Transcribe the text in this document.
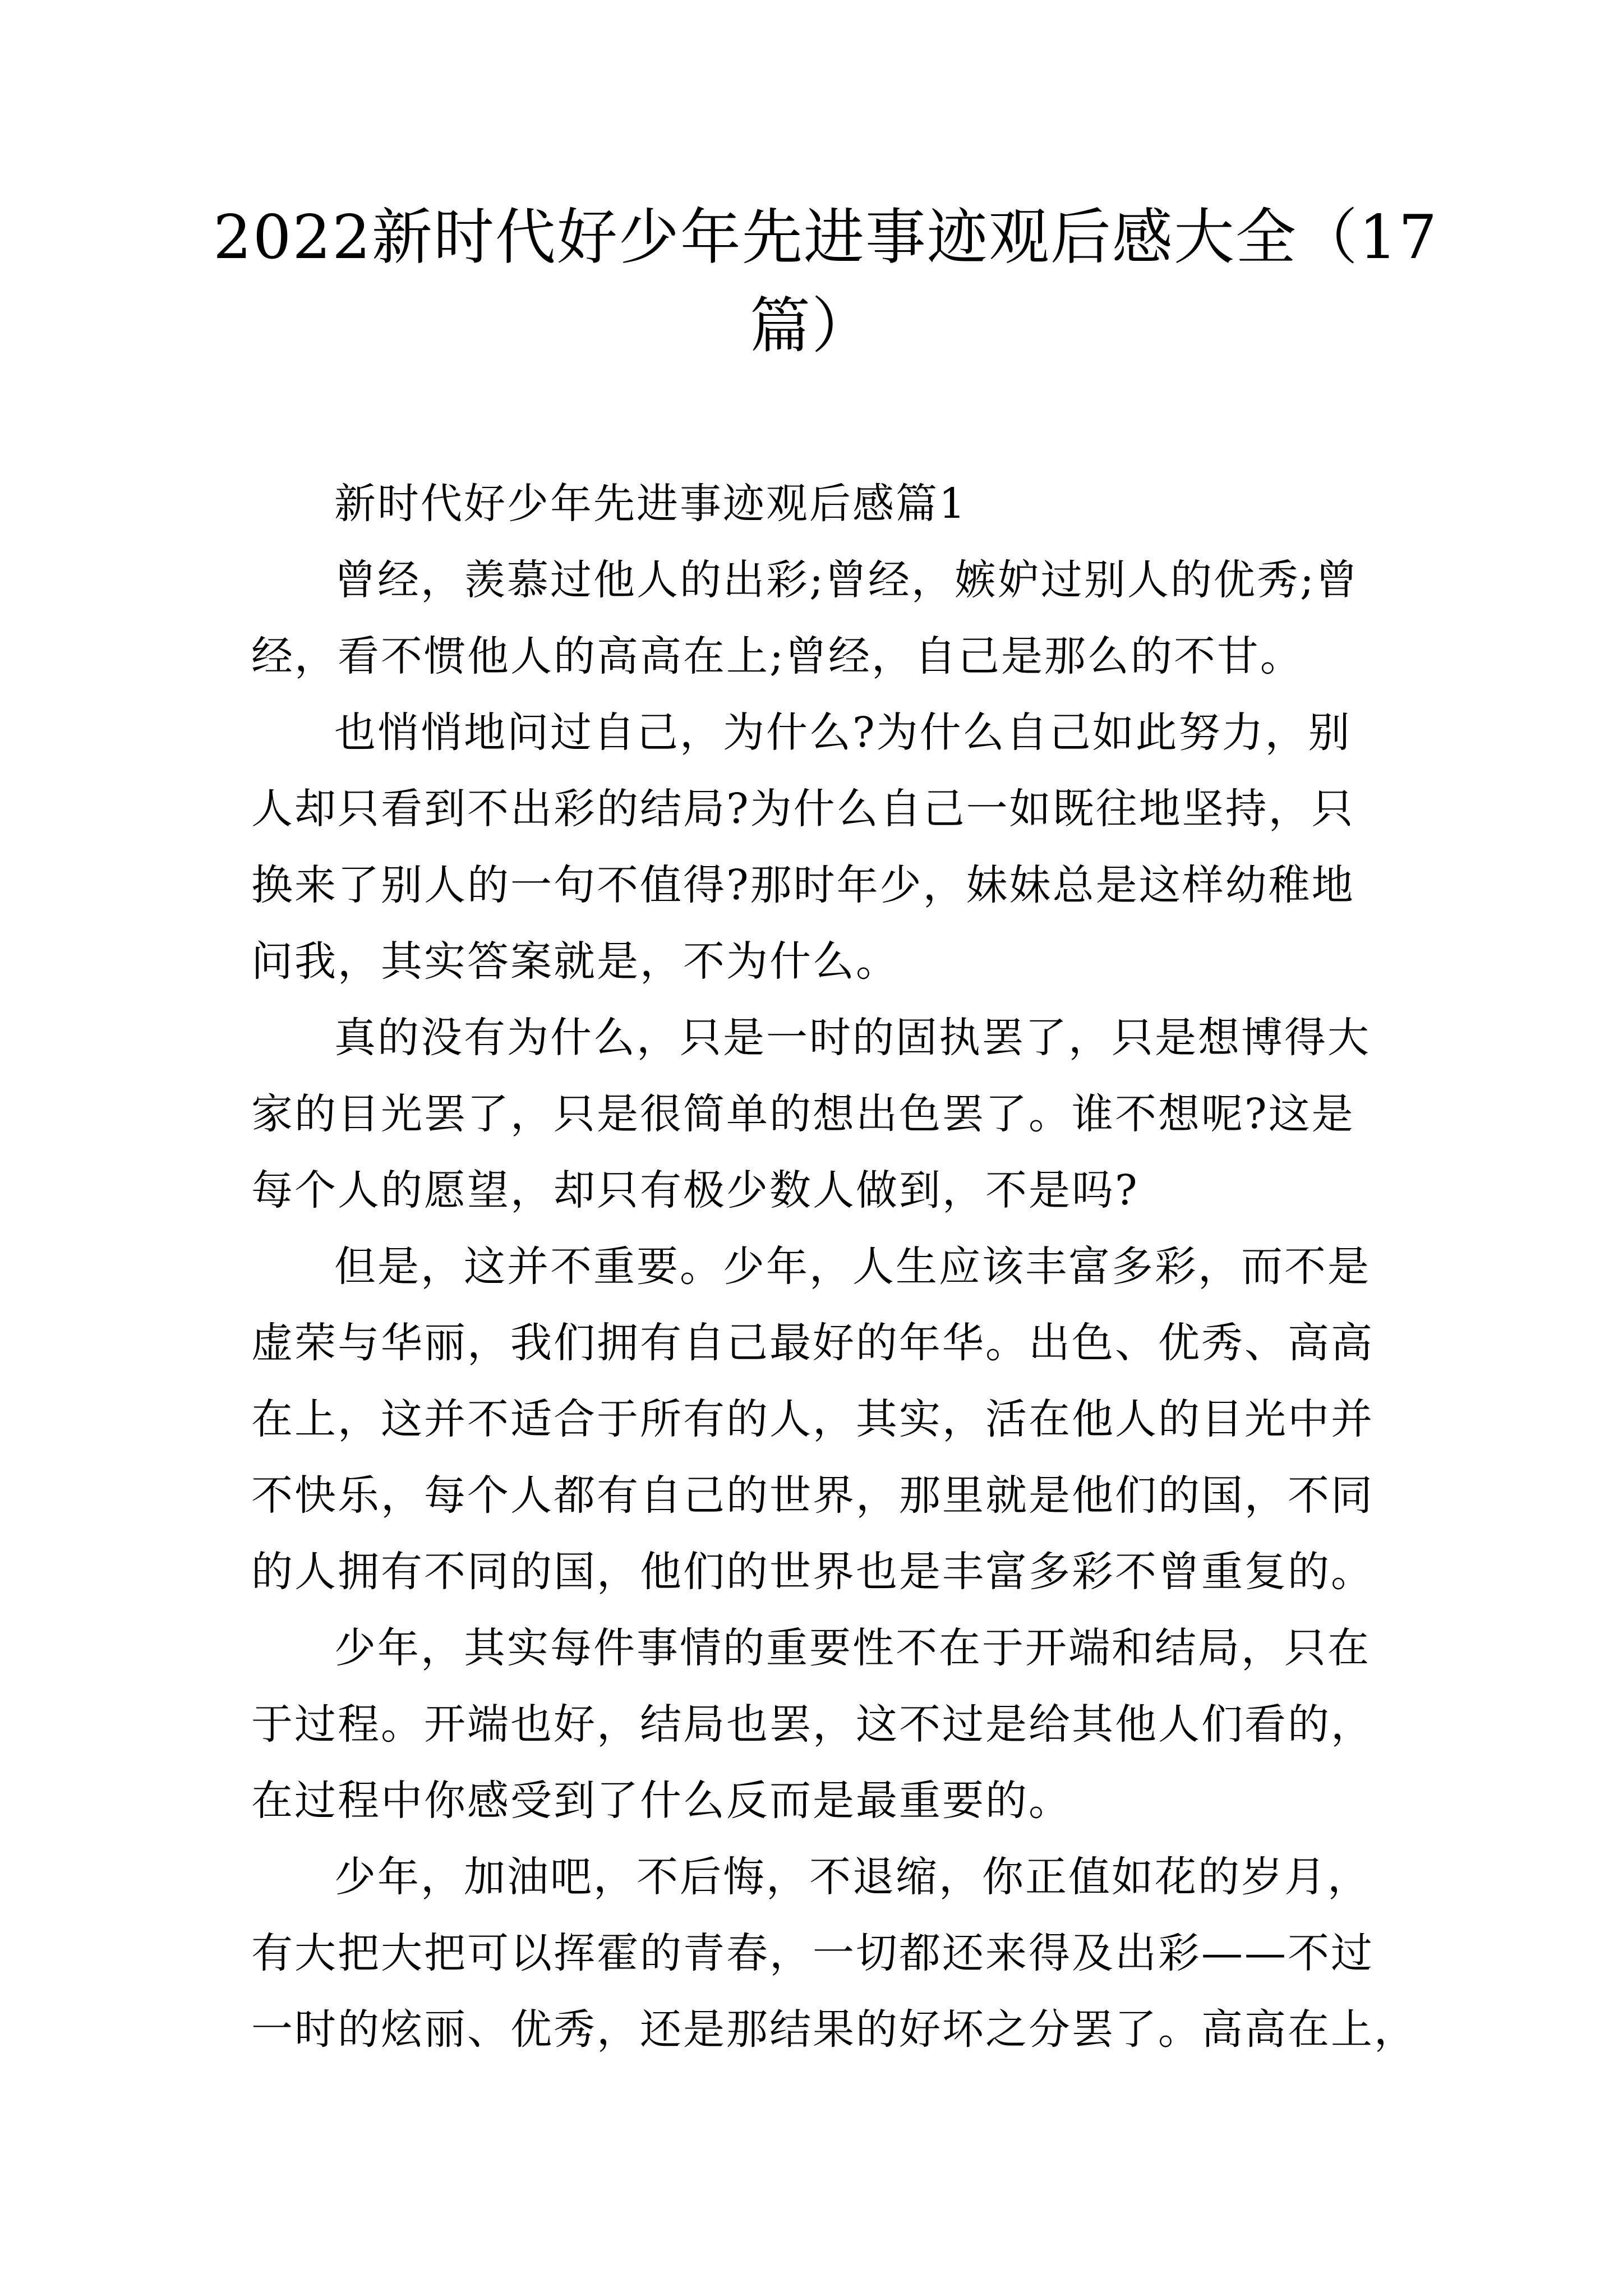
2022新时代好少年先进事迹观后感大全（17
篇）

新时代好少年先进事迹观后感篇1

曾经，羡慕过他人的出彩;曾经，嫉妒过别人的优秀;曾
经，看不惯他人的高高在上;曾经，自己是那么的不甘。

也悄悄地问过自己，为什么?为什么自己如此努力，别
人却只看到不出彩的结局?为什么自己一如既往地坚持，只
换来了别人的一句不值得?那时年少，妹妹总是这样幼稚地
问我，其实答案就是，不为什么。

真的没有为什么，只是一时的固执罢了，只是想博得大
家的目光罢了，只是很简单的想出色罢了。谁不想呢?这是
每个人的愿望，却只有极少数人做到，不是吗?

但是，这并不重要。少年，人生应该丰富多彩，而不是
虚荣与华丽，我们拥有自己最好的年华。出色、优秀、高高
在上，这并不适合于所有的人，其实，活在他人的目光中并
不快乐，每个人都有自己的世界，那里就是他们的国，不同
的人拥有不同的国，他们的世界也是丰富多彩不曾重复的。

少年，其实每件事情的重要性不在于开端和结局，只在
于过程。开端也好，结局也罢，这不过是给其他人们看的，
在过程中你感受到了什么反而是最重要的。

少年，加油吧，不后悔，不退缩，你正值如花的岁月，
有大把大把可以挥霍的青春，一切都还来得及出彩——不过
一时的炫丽、优秀，还是那结果的好坏之分罢了。高高在上，
